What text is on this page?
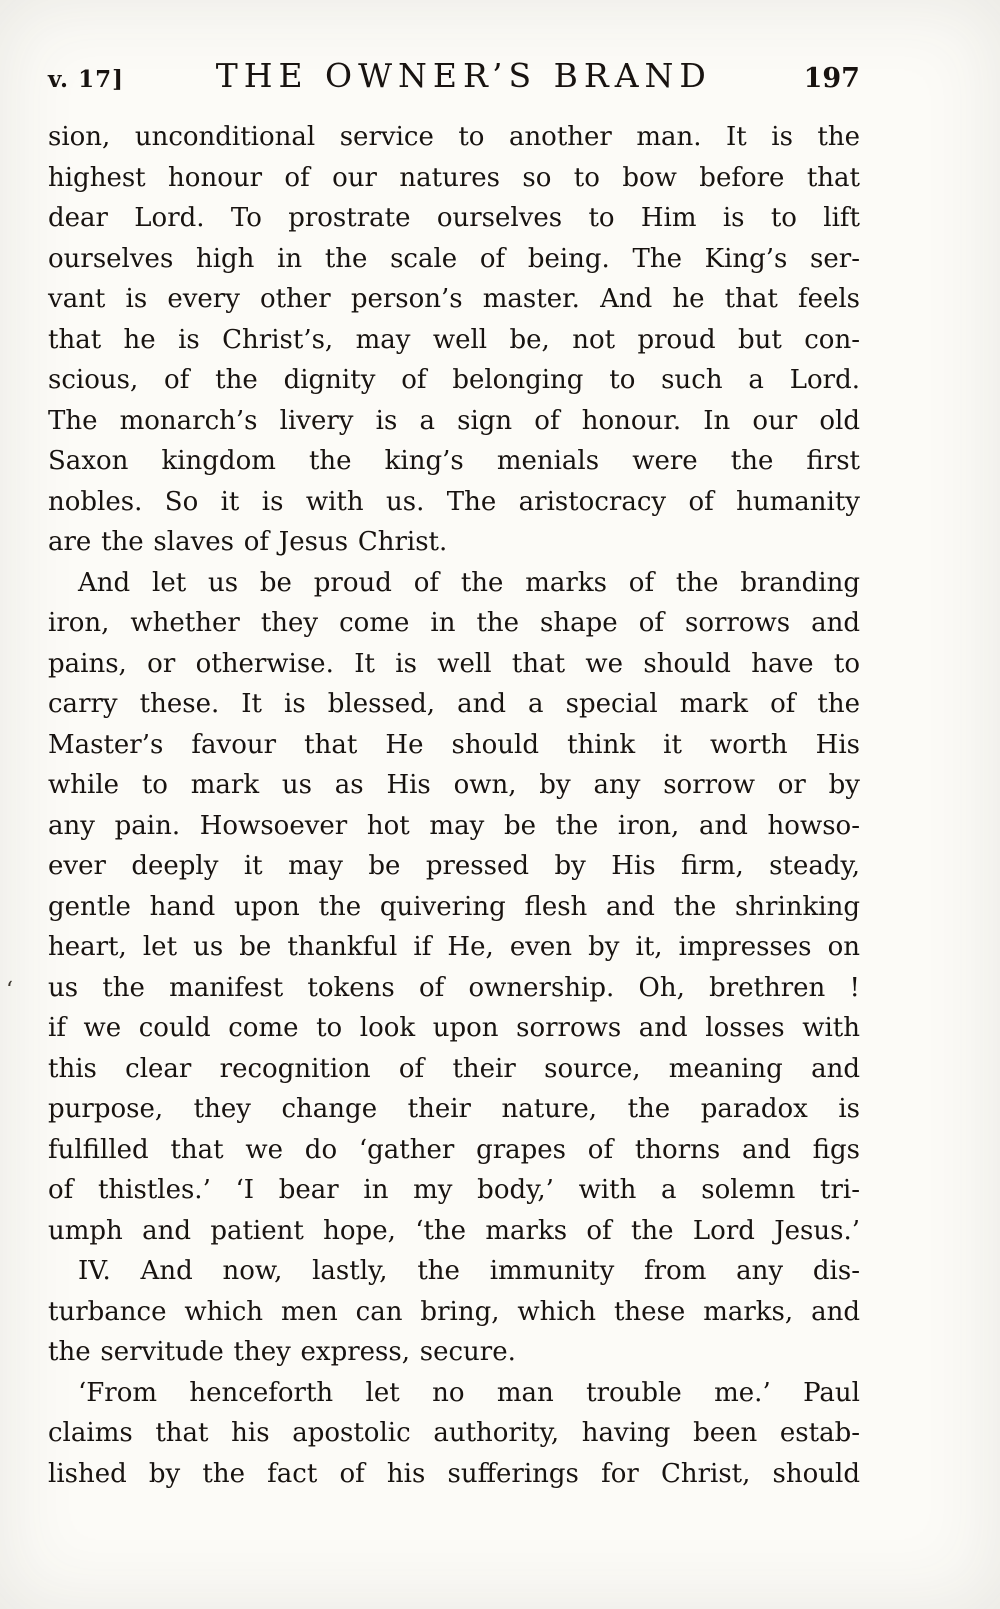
v. 17]	THE OWNER’S BRAND	197
sion, unconditional service to another man. It is the
highest honour of our natures so to bow before that
dear Lord. To prostrate ourselves to Him is to lift
ourselves high in the scale of being. The King’s ser-
vant is every other person’s master. And he that feels
that he is Christ’s, may well be, not proud but con-
scious, of the dignity of belonging to such a Lord.
The monarch’s livery is a sign of honour. In our old
Saxon kingdom the king’s menials were the first
nobles. So it is with us. The aristocracy of humanity
are the slaves of Jesus Christ.
And let us be proud of the marks of the branding
iron, whether they come in the shape of sorrows and
pains, or otherwise. It is well that we should have to
carry these. It is blessed, and a special mark of the
Master’s favour that He should think it worth His
while to mark us as His own, by any sorrow or by
any pain. Howsoever hot may be the iron, and howso-
ever deeply it may be pressed by His firm, steady,
gentle hand upon the quivering flesh and the shrinking
heart, let us be thankful if He, even by it, impresses on
us the manifest tokens of ownership. Oh, brethren !
if we could come to look upon sorrows and losses with
this clear recognition of their source, meaning and
purpose, they change their nature, the paradox is
fulfilled that we do ‘gather grapes of thorns and figs
of thistles.’ ‘I bear in my body,’ with a solemn tri-
umph and patient hope, ‘the marks of the Lord Jesus.’
IV. And now, lastly, the immunity from any dis-
turbance which men can bring, which these marks, and
the servitude they express, secure.
‘From henceforth let no man trouble me.’ Paul
claims that his apostolic authority, having been estab-
lished by the fact of his sufferings for Christ, should
‘
